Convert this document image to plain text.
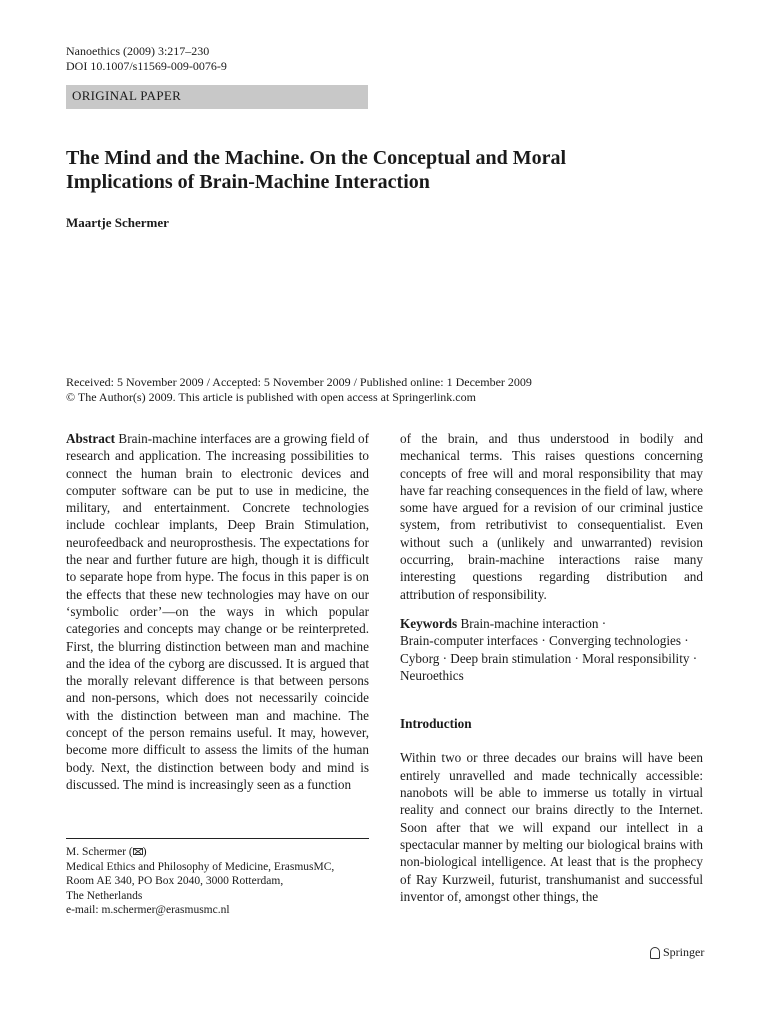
Nanoethics (2009) 3:217–230
DOI 10.1007/s11569-009-0076-9
ORIGINAL PAPER
The Mind and the Machine. On the Conceptual and Moral
Implications of Brain-Machine Interaction
Maartje Schermer
Received: 5 November 2009 / Accepted: 5 November 2009 / Published online: 1 December 2009
© The Author(s) 2009. This article is published with open access at Springerlink.com

Abstract Brain-machine interfaces are a growing field of research and application. The increasing possibilities to connect the human brain to electronic devices and computer software can be put to use in medicine, the military, and entertainment. Concrete technologies include cochlear implants, Deep Brain Stimulation, neurofeedback and neuroprosthesis. The expectations for the near and further future are high, though it is difficult to separate hope from hype. The focus in this paper is on the effects that these new technologies may have on our ‘symbolic order’—on the ways in which popular categories and concepts may change or be reinterpreted. First, the blurring distinction between man and machine and the idea of the cyborg are discussed. It is argued that the morally relevant difference is that between persons and non-persons, which does not necessarily coincide with the distinction between man and machine. The concept of the person remains useful. It may, however, become more difficult to assess the limits of the human body. Next, the distinction between body and mind is discussed. The mind is increasingly seen as a function

of the brain, and thus understood in bodily and mechanical terms. This raises questions concerning concepts of free will and moral responsibility that may have far reaching consequences in the field of law, where some have argued for a revision of our criminal justice system, from retributivist to consequentialist. Even without such a (unlikely and unwarranted) revision occurring, brain-machine interactions raise many interesting questions regarding distribution and attribution of responsibility.

Keywords Brain-machine interaction ·
Brain-computer interfaces · Converging technologies ·
Cyborg · Deep brain stimulation · Moral responsibility ·
Neuroethics

Introduction

Within two or three decades our brains will have been entirely unravelled and made technically accessible: nanobots will be able to immerse us totally in virtual reality and connect our brains directly to the Internet. Soon after that we will expand our intellect in a spectacular manner by melting our biological brains with non-biological intelligence. At least that is the prophecy of Ray Kurzweil, futurist, transhumanist and successful inventor of, amongst other things, the

M. Schermer ( )
Medical Ethics and Philosophy of Medicine, ErasmusMC,
Room AE 340, PO Box 2040, 3000 Rotterdam,
The Netherlands
e-mail: m.schermer@erasmusmc.nl
Springer
